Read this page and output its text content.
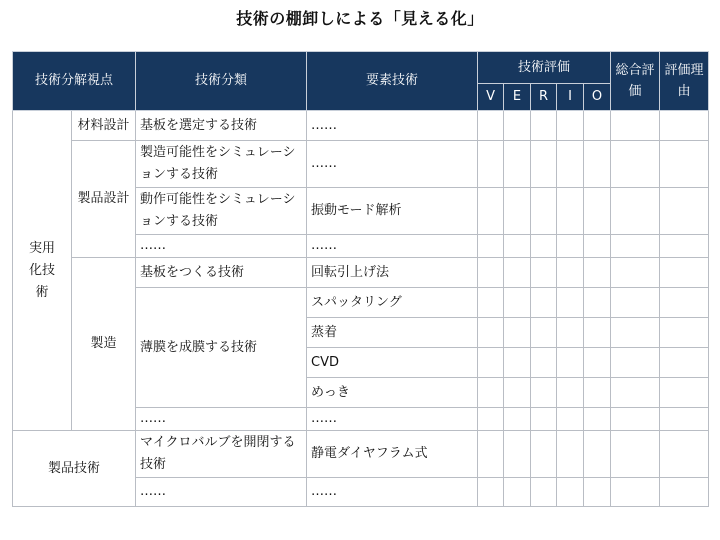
技術の棚卸しによる「見える化」
技術分解視点		技術分類	要素技術	技術評価					総合評価	評価理由
				V	E	R	I	O		
実用化技術	材料設計	基板を選定する技術	……							
	製品設計	製造可能性をシミュレーションする技術	……							
		動作可能性をシミュレーションする技術	振動モード解析							
		……	……							
	製造	基板をつくる技術	回転引上げ法							
		薄膜を成膜する技術	スパッタリング							
			蒸着							
			CVD							
			めっき							
		……	……							
製品技術		マイクロバルブを開閉する技術	静電ダイヤフラム式							
		……	……							
